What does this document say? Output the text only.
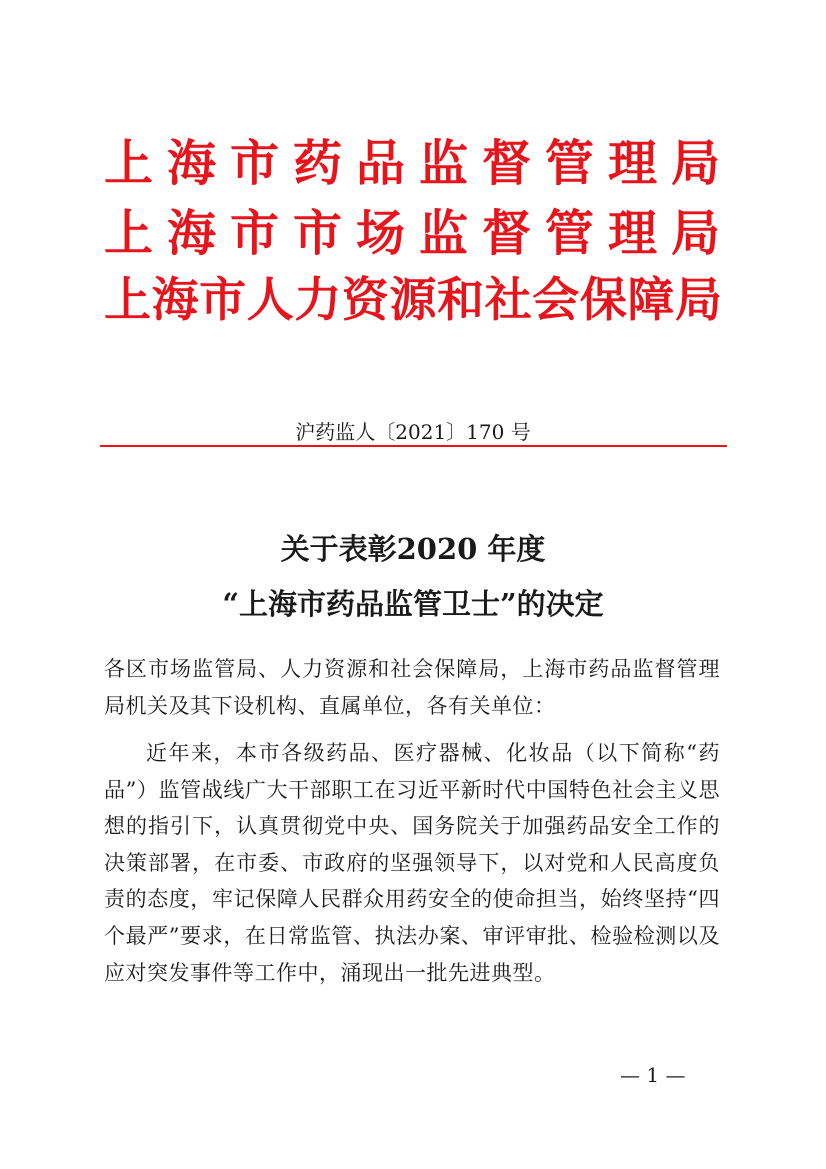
上海市药品监督管理局
上海市市场监督管理局
上海市人力资源和社会保障局
沪药监人〔2021〕170 号
关于表彰2020 年度
“上海市药品监管卫士”的决定
各区市场监管局、人力资源和社会保障局，上海市药品监督管理
局机关及其下设机构、直属单位，各有关单位：
近年来，本市各级药品、医疗器械、化妆品（以下简称“药品”）监管战线广大干部职工在习近平新时代中国特色社会主义思想的指引下，认真贯彻党中央、国务院关于加强药品安全工作的决策部署，在市委、市政府的坚强领导下，以对党和人民高度负责的态度，牢记保障人民群众用药安全的使命担当，始终坚持“四个最严”要求，在日常监管、执法办案、审评审批、检验检测以及应对突发事件等工作中，涌现出一批先进典型。
— 1 —
